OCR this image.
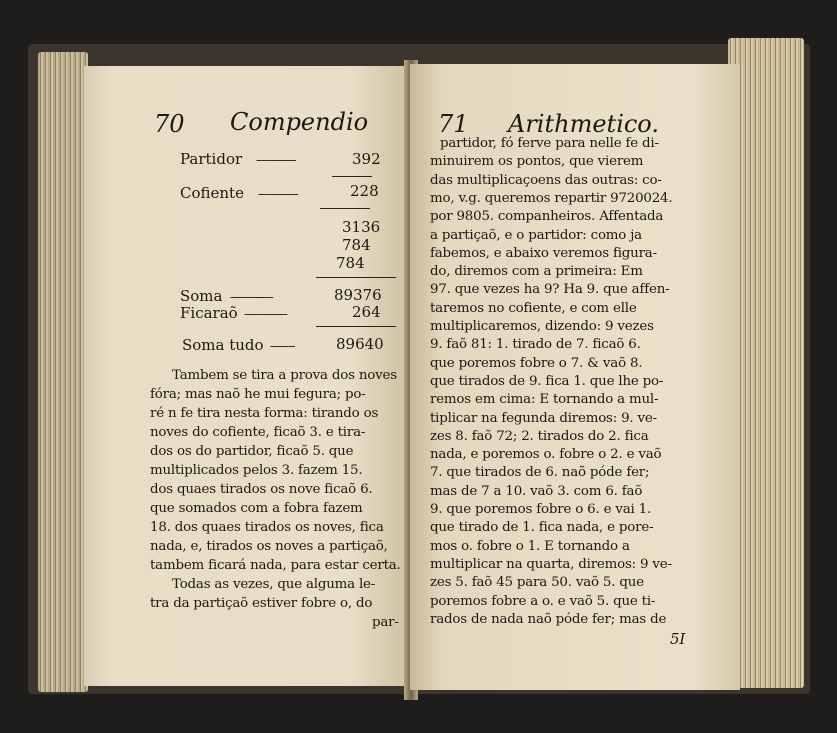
70 Compendio
Partidor -------------	392
Cofiente -------------	228
3136
784
784
Soma --------------	89376
Ficaraõ --------------	264
Soma tudo --------	89640
Tambem se tira a prova dos noves
fóra; mas naõ he mui fegura; po-
ré n fe tira nesta forma: tirando os
noves do cofiente, ficaõ 3. e tira-
dos os do partidor, ficaõ 5. que
multiplicados pelos 3. fazem 15.
dos quaes tirados os nove ficaõ 6.
que somados com a fobra fazem
18. dos quaes tirados os noves, fica
nada, e, tirados os noves a partiçaõ,
tambem ficará nada, para estar certa.
Todas as vezes, que alguma le-
tra da partiçaõ estiver fobre o, do
par-
71 Arithmetico.
partidor, fó ferve para nelle fe di-
minuirem os pontos, que vierem
das multiplicaçoens das outras: co-
mo, v.g. queremos repartir 9720024.
por 9805. companheiros. Affentada
a partiçaõ, e o partidor: como ja
fabemos, e abaixo veremos figura-
do, diremos com a primeira: Em
97. que vezes ha 9? Ha 9. que affen-
taremos no cofiente, e com elle
multiplicaremos, dizendo: 9 vezes
9. faõ 81: 1. tirado de 7. ficaõ 6.
que poremos fobre o 7. & vaõ 8.
que tirados de 9. fica 1. que lhe po-
remos em cima: E tornando a mul-
tiplicar na fegunda diremos: 9. ve-
zes 8. faõ 72; 2. tirados do 2. fica
nada, e poremos o. fobre o 2. e vaõ
7. que tirados de 6. naõ póde fer;
mas de 7 a 10. vaõ 3. com 6. faõ
9. que poremos fobre o 6. e vai 1.
que tirado de 1. fica nada, e pore-
mos o. fobre o 1. E tornando a
multiplicar na quarta, diremos: 9 ve-
zes 5. faõ 45 para 50. vaõ 5. que
poremos fobre a o. e vaõ 5. que ti-
rados de nada naõ póde fer; mas de
5I
